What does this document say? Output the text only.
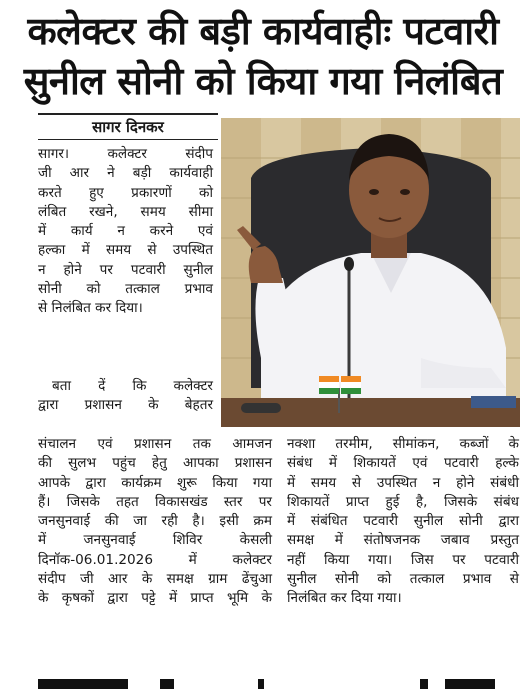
कलेक्टर की बड़ी कार्यवाहीः पटवारी
सुनील सोनी को किया गया निलंबित
सागर दिनकर
सागर। कलेक्टर संदीप
जी आर ने बड़ी कार्यवाही
करते हुए प्रकारणों को
लंबित रखने, समय सीमा
में कार्य न करने एवं
हल्का में समय से उपस्थित
न होने पर पटवारी सुनील
सोनी को तत्काल प्रभाव
से निलंबित कर दिया।
बता दें कि कलेक्टर
द्वारा प्रशासन के बेहतर
संचालन एवं प्रशासन तक आमजन
की सुलभ पहुंच हेतु आपका प्रशासन
आपके द्वारा कार्यक्रम शुरू किया गया
हैं। जिसके तहत विकासखंड स्तर पर
जनसुनवाई की जा रही है। इसी क्रम
में जनसुनवाई शिविर केसली
दिनॉक-06.01.2026 में कलेक्टर
संदीप जी आर के समक्ष ग्राम ढेंचुआ
के कृषकों द्वारा पट्टे में प्राप्त भूमि के
नक्शा तरमीम, सीमांकन, कब्जों के
संबंध में शिकायतें एवं पटवारी हल्के
में समय से उपस्थित न होने संबंधी
शिकायतें प्राप्त हुई है, जिसके संबंध
में संबंधित पटवारी सुनील सोनी द्वारा
समक्ष में संतोषजनक जबाव प्रस्तुत
नहीं किया गया। जिस पर पटवारी
सुनील सोनी को तत्काल प्रभाव से
निलंबित कर दिया गया।
